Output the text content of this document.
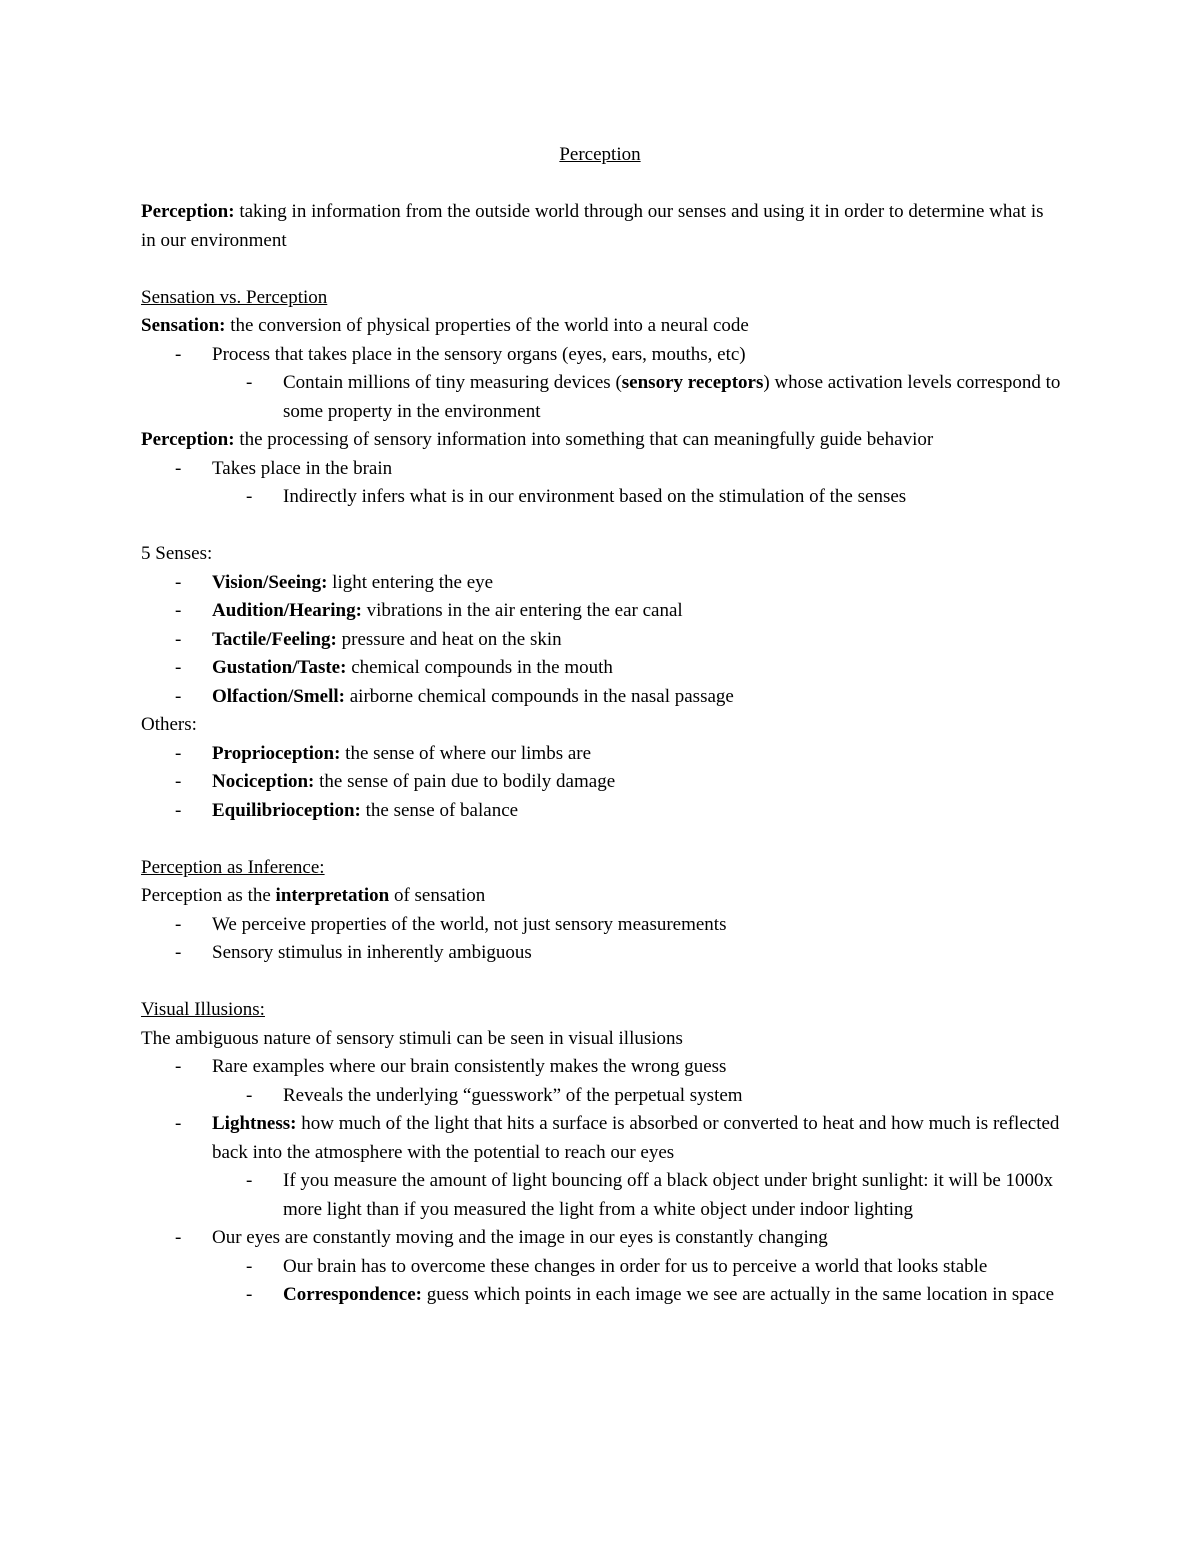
Perception
Perception: taking in information from the outside world through our senses and using it in order to determine what is in our environment
Sensation vs. Perception
Sensation: the conversion of physical properties of the world into a neural code
- Process that takes place in the sensory organs (eyes, ears, mouths, etc)
- Contain millions of tiny measuring devices (sensory receptors) whose activation levels correspond to some property in the environment
Perception: the processing of sensory information into something that can meaningfully guide behavior
- Takes place in the brain
- Indirectly infers what is in our environment based on the stimulation of the senses
5 Senses:
- Vision/Seeing: light entering the eye
- Audition/Hearing: vibrations in the air entering the ear canal
- Tactile/Feeling: pressure and heat on the skin
- Gustation/Taste: chemical compounds in the mouth
- Olfaction/Smell: airborne chemical compounds in the nasal passage
Others:
- Proprioception: the sense of where our limbs are
- Nociception: the sense of pain due to bodily damage
- Equilibrioception: the sense of balance
Perception as Inference:
Perception as the interpretation of sensation
- We perceive properties of the world, not just sensory measurements
- Sensory stimulus in inherently ambiguous
Visual Illusions:
The ambiguous nature of sensory stimuli can be seen in visual illusions
- Rare examples where our brain consistently makes the wrong guess
- Reveals the underlying “guesswork” of the perpetual system
- Lightness: how much of the light that hits a surface is absorbed or converted to heat and how much is reflected back into the atmosphere with the potential to reach our eyes
- If you measure the amount of light bouncing off a black object under bright sunlight: it will be 1000x more light than if you measured the light from a white object under indoor lighting
- Our eyes are constantly moving and the image in our eyes is constantly changing
- Our brain has to overcome these changes in order for us to perceive a world that looks stable
- Correspondence: guess which points in each image we see are actually in the same location in space
